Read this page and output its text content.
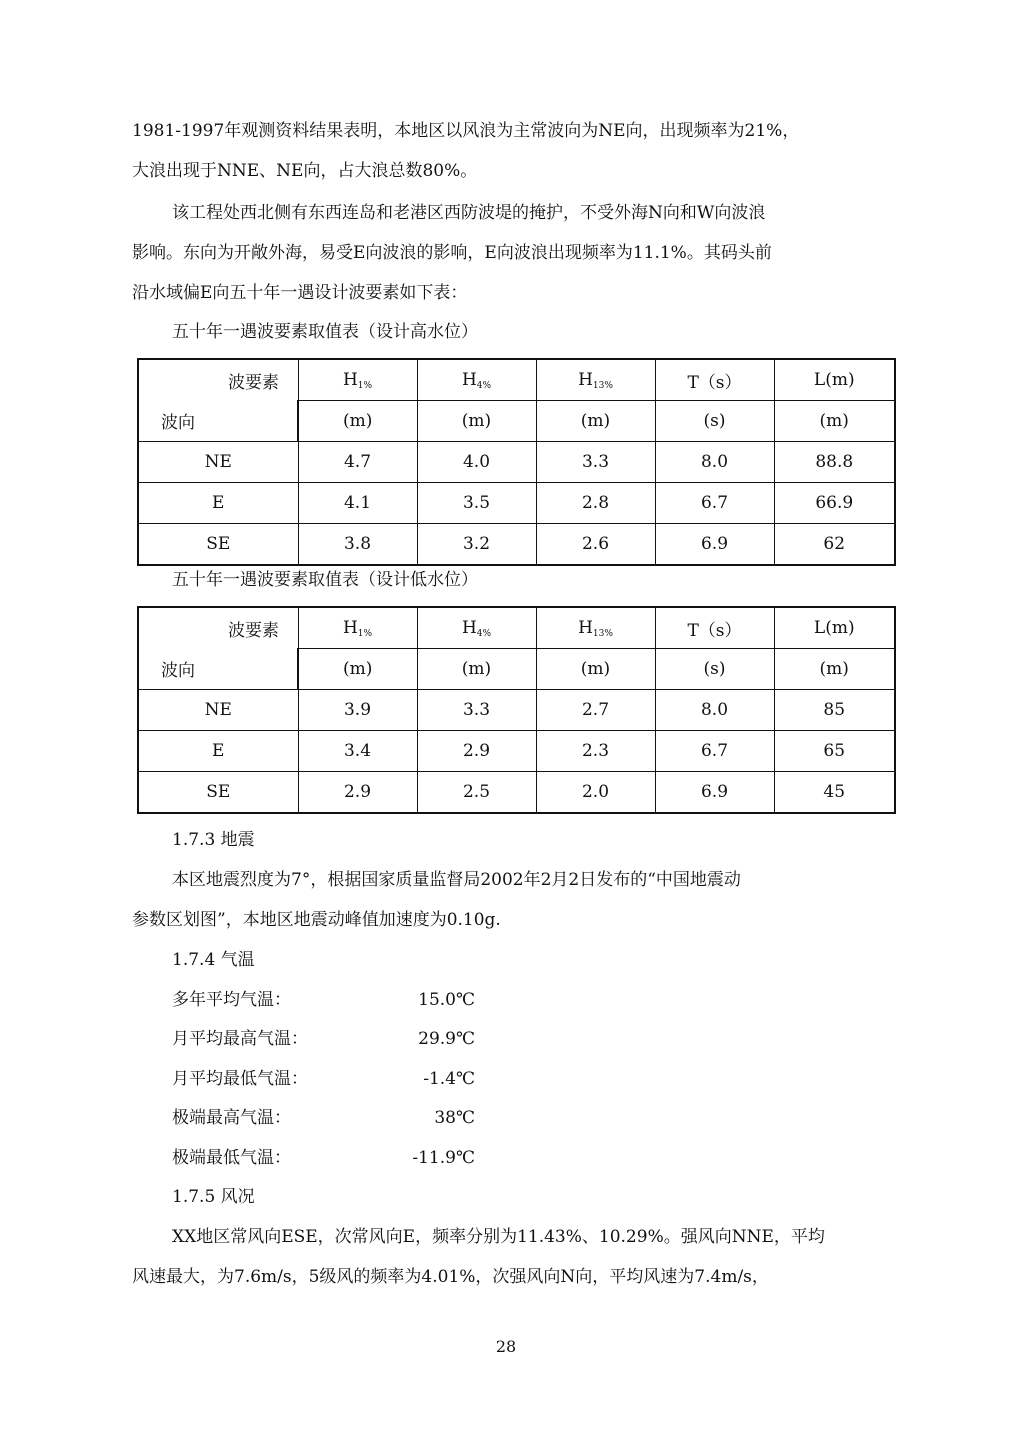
1981-1997年观测资料结果表明，本地区以风浪为主常波向为NE向，出现频率为21%，
大浪出现于NNE、NE向，占大浪总数80%。
该工程处西北侧有东西连岛和老港区西防波堤的掩护，不受外海N向和W向波浪
影响。东向为开敞外海，易受E向波浪的影响，E向波浪出现频率为11.1%。其码头前
沿水域偏E向五十年一遇设计波要素如下表：
五十年一遇波要素取值表（设计高水位）
波要素
波向	$H_{1\%}$	$H_{4\%}$	$H_{13\%}$	T（s）	L(m)
	(m)	(m)	(m)	(s)	(m)
NE	4.7	4.0	3.3	8.0	88.8
E	4.1	3.5	2.8	6.7	66.9
SE	3.8	3.2	2.6	6.9	62
五十年一遇波要素取值表（设计低水位）
波要素
波向	$H_{1\%}$	$H_{4\%}$	$H_{13\%}$	T（s）	L(m)
	(m)	(m)	(m)	(s)	(m)
NE	3.9	3.3	2.7	8.0	85
E	3.4	2.9	2.3	6.7	65
SE	2.9	2.5	2.0	6.9	45
1.7.3 地震
本区地震烈度为7°，根据国家质量监督局2002年2月2日发布的“中国地震动
参数区划图”，本地区地震动峰值加速度为0.10g.
1.7.4 气温
多年平均气温：	15.0℃
月平均最高气温：	29.9℃
月平均最低气温：	-1.4℃
极端最高气温：	38℃
极端最低气温：	-11.9℃
1.7.5 风况
XX地区常风向ESE，次常风向E，频率分别为11.43%、10.29%。强风向NNE，平均
风速最大，为7.6m/s，5级风的频率为4.01%，次强风向N向，平均风速为7.4m/s，
28
